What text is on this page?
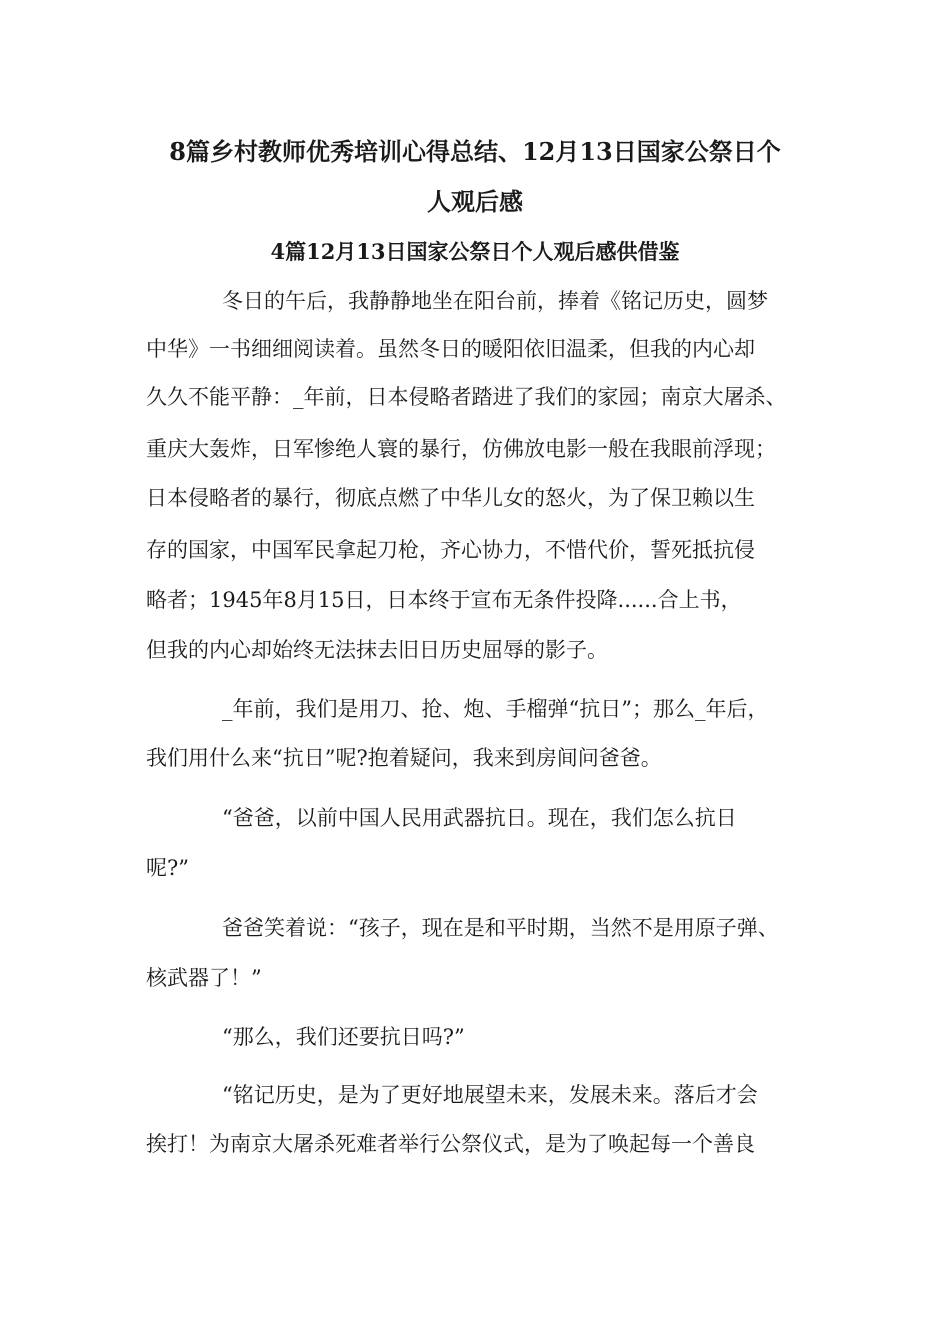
8篇乡村教师优秀培训心得总结、12月13日国家公祭日个
人观后感
4篇12月13日国家公祭日个人观后感供借鉴
冬日的午后，我静静地坐在阳台前，捧着《铭记历史，圆梦
中华》一书细细阅读着。虽然冬日的暖阳依旧温柔，但我的内心却
久久不能平静：_年前，日本侵略者踏进了我们的家园；南京大屠杀、
重庆大轰炸，日军惨绝人寰的暴行，仿佛放电影一般在我眼前浮现；
日本侵略者的暴行，彻底点燃了中华儿女的怒火，为了保卫赖以生
存的国家，中国军民拿起刀枪，齐心协力，不惜代价，誓死抵抗侵
略者；1945年8月15日，日本终于宣布无条件投降......合上书，
但我的内心却始终无法抹去旧日历史屈辱的影子。
_年前，我们是用刀、抢、炮、手榴弹“抗日”；那么_年后，
我们用什么来“抗日”呢?抱着疑问，我来到房间问爸爸。
“爸爸，以前中国人民用武器抗日。现在，我们怎么抗日
呢?”
爸爸笑着说：“孩子，现在是和平时期，当然不是用原子弹、
核武器了！”
“那么，我们还要抗日吗?”
“铭记历史，是为了更好地展望未来，发展未来。落后才会
挨打！为南京大屠杀死难者举行公祭仪式，是为了唤起每一个善良
